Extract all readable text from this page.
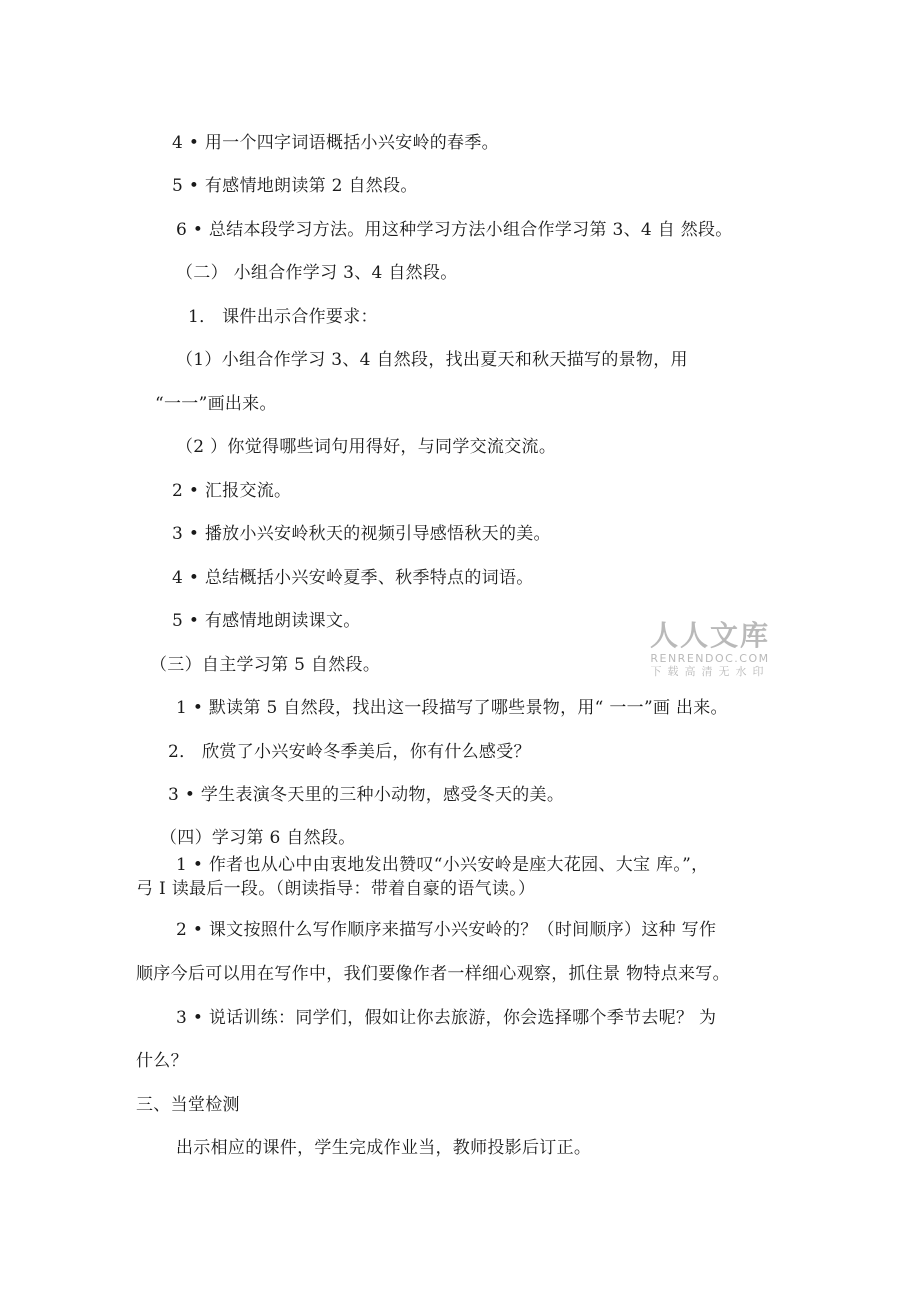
4 • 用一个四字词语概括小兴安岭的春季。
5 • 有感情地朗读第 2 自然段。
6 • 总结本段学习方法。用这种学习方法小组合作学习第 3、4 自 然段。
（二） 小组合作学习 3、4 自然段。
1． 课件出示合作要求：
（1）小组合作学习 3、4 自然段，找出夏天和秋天描写的景物，用
“一一”画出来。
（2 ）你觉得哪些词句用得好，与同学交流交流。
2 • 汇报交流。
3 • 播放小兴安岭秋天的视频引导感悟秋天的美。
4 • 总结概括小兴安岭夏季、秋季特点的词语。
5 • 有感情地朗读课文。
（三）自主学习第 5 自然段。
1 • 默读第 5 自然段，找出这一段描写了哪些景物，用“ 一一”画 出来。
2． 欣赏了小兴安岭冬季美后，你有什么感受？
3 • 学生表演冬天里的三种小动物，感受冬天的美。
（四）学习第 6 自然段。
1 • 作者也从心中由衷地发出赞叹“小兴安岭是座大花园、大宝 库。”，
弓 I 读最后一段。（朗读指导：带着自豪的语气读。）
2 • 课文按照什么写作顺序来描写小兴安岭的？（时间顺序）这种 写作
顺序今后可以用在写作中，我们要像作者一样细心观察，抓住景 物特点来写。
3 • 说话训练：同学们，假如让你去旅游，你会选择哪个季节去呢？ 为
什么？
三、当堂检测
出示相应的课件，学生完成作业当，教师投影后订正。
人人文库
RENRENDOC.COM
下载高清无水印
